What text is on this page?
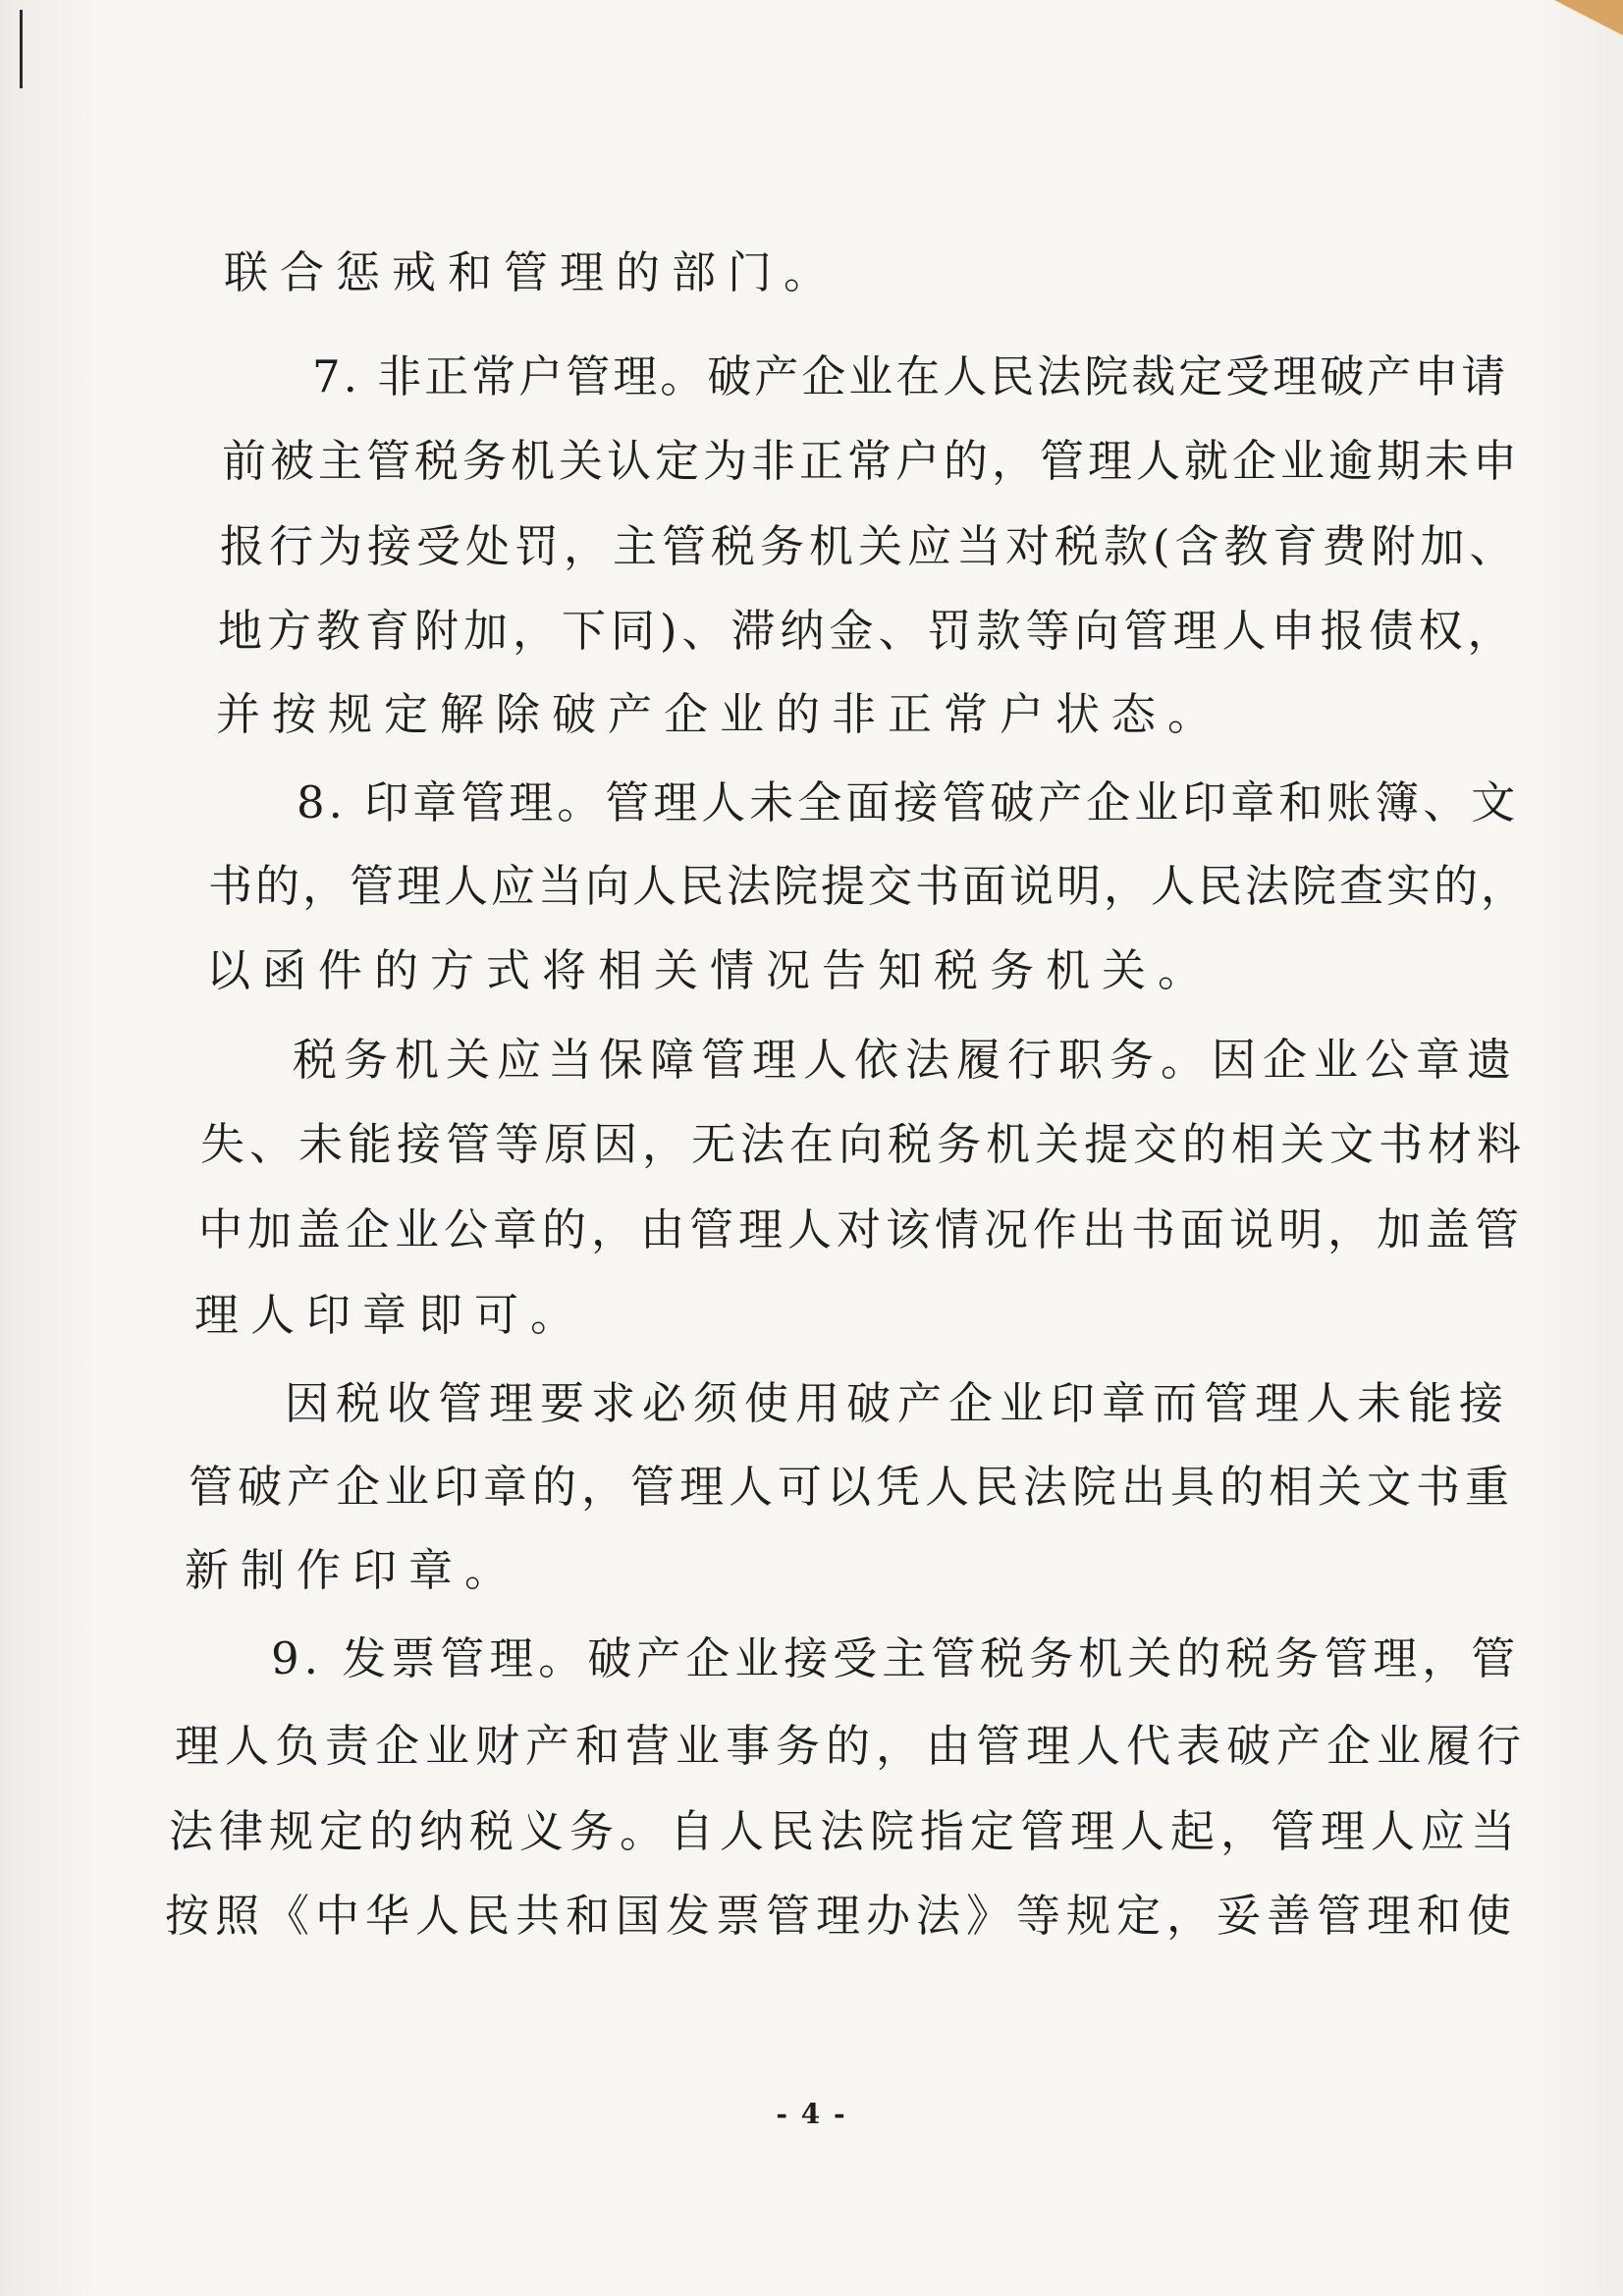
联合惩戒和管理的部门。

7. 非正常户管理。破产企业在人民法院裁定受理破产申请

前被主管税务机关认定为非正常户的，管理人就企业逾期未申

报行为接受处罚，主管税务机关应当对税款(含教育费附加、

地方教育附加，下同)、滞纳金、罚款等向管理人申报债权，

并按规定解除破产企业的非正常户状态。

8. 印章管理。管理人未全面接管破产企业印章和账簿、文

书的，管理人应当向人民法院提交书面说明，人民法院查实的，

以函件的方式将相关情况告知税务机关。

税务机关应当保障管理人依法履行职务。因企业公章遗

失、未能接管等原因，无法在向税务机关提交的相关文书材料

中加盖企业公章的，由管理人对该情况作出书面说明，加盖管

理人印章即可。

因税收管理要求必须使用破产企业印章而管理人未能接

管破产企业印章的，管理人可以凭人民法院出具的相关文书重

新制作印章。

9. 发票管理。破产企业接受主管税务机关的税务管理，管

理人负责企业财产和营业事务的，由管理人代表破产企业履行

法律规定的纳税义务。自人民法院指定管理人起，管理人应当

按照《中华人民共和国发票管理办法》等规定，妥善管理和使

- 4 -
